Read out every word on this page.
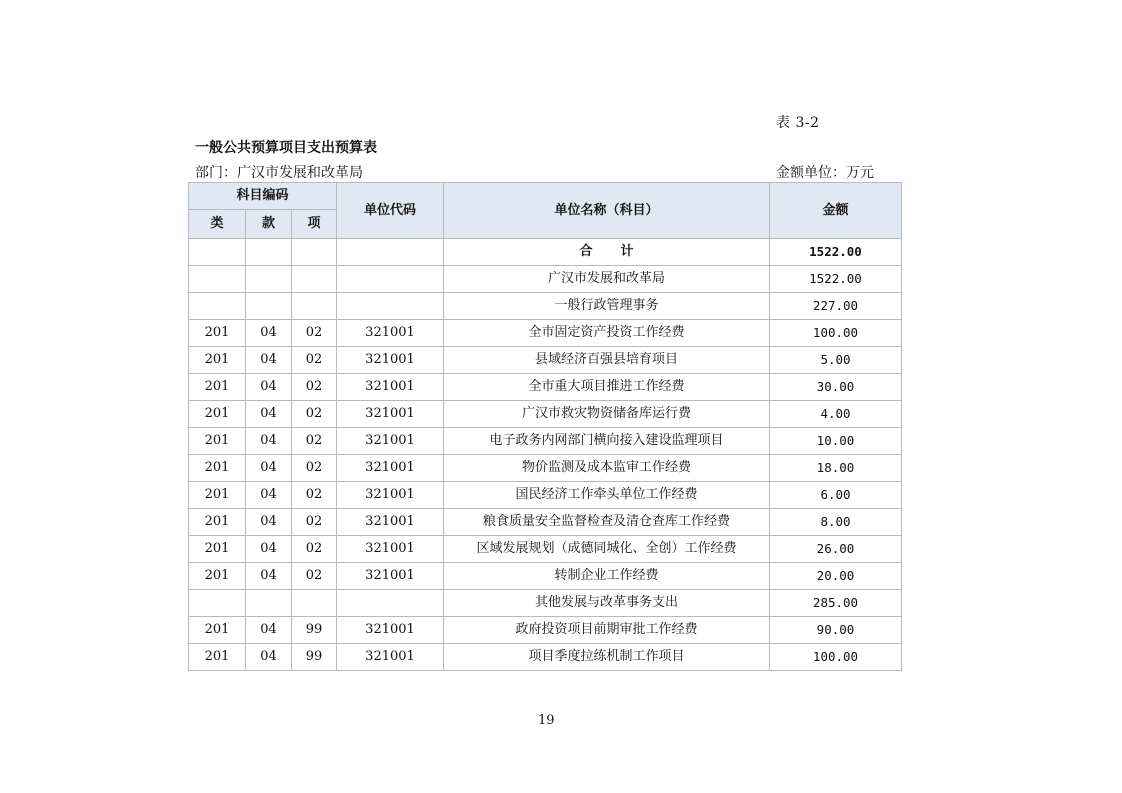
表 3-2
一般公共预算项目支出预算表
部门：广汉市发展和改革局	金额单位：万元
科目编码			单位代码	单位名称（科目）	金额
类	款	项			
				合计	1522.00
				广汉市发展和改革局	1522.00
				一般行政管理事务	227.00
201	04	02	321001	全市固定资产投资工作经费	100.00
201	04	02	321001	县域经济百强县培育项目	5.00
201	04	02	321001	全市重大项目推进工作经费	30.00
201	04	02	321001	广汉市救灾物资储备库运行费	4.00
201	04	02	321001	电子政务内网部门横向接入建设监理项目	10.00
201	04	02	321001	物价监测及成本监审工作经费	18.00
201	04	02	321001	国民经济工作牵头单位工作经费	6.00
201	04	02	321001	粮食质量安全监督检查及清仓查库工作经费	8.00
201	04	02	321001	区域发展规划（成德同城化、全创）工作经费	26.00
201	04	02	321001	转制企业工作经费	20.00
				其他发展与改革事务支出	285.00
201	04	99	321001	政府投资项目前期审批工作经费	90.00
201	04	99	321001	项目季度拉练机制工作项目	100.00
19
